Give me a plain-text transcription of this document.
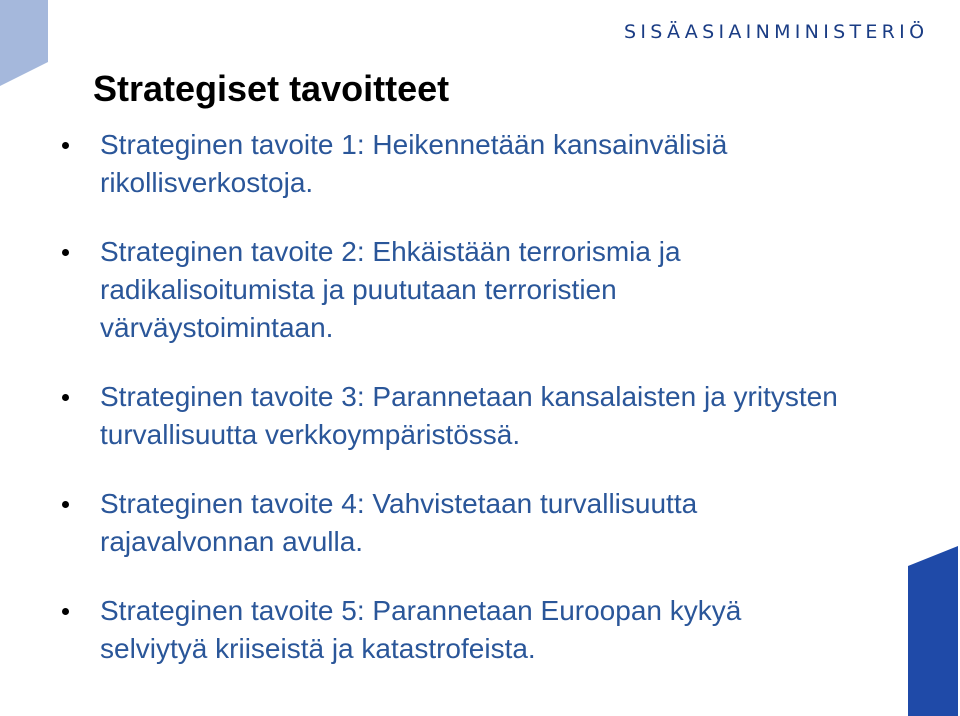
SISÄASIAINMINISTERIÖ
Strategiset tavoitteet
Strateginen tavoite 1: Heikennetään kansainvälisiä rikollisverkostoja.
Strateginen tavoite 2: Ehkäistään terrorismia ja radikalisoitumista ja puututaan terroristien värväystoimintaan.
Strateginen tavoite 3: Parannetaan kansalaisten ja yritysten turvallisuutta verkkoympäristössä.
Strateginen tavoite 4: Vahvistetaan turvallisuutta rajavalvonnan avulla.
Strateginen tavoite 5: Parannetaan Euroopan kykyä selviytyä kriiseistä ja katastrofeista.
